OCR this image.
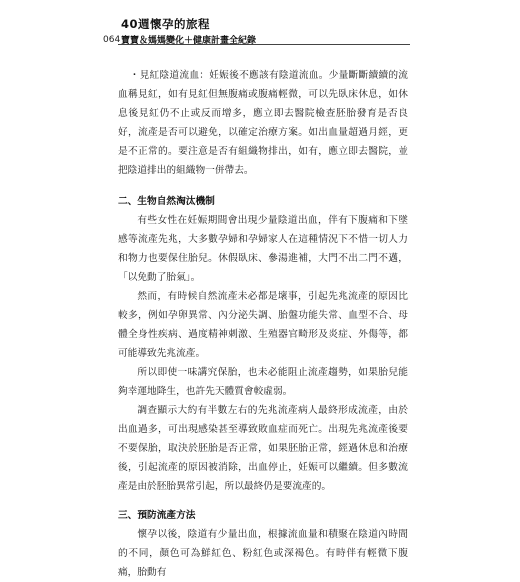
40週懷孕的旅程
064 寶寶＆媽媽變化＋健康計畫全紀錄

・見紅陰道流血：妊娠後不應該有陰道流血。少量斷斷續續的流血稱見紅，如有見紅但無腹痛或腹痛輕微，可以先臥床休息，如休息後見紅仍不止或反而增多，應立即去醫院檢查胚胎發育是否良好，流產是否可以避免，以確定治療方案。如出血量超過月經，更是不正常的。要注意是否有組織物排出，如有，應立即去醫院，並把陰道排出的組織物一併帶去。

二、生物自然淘汰機制

有些女性在妊娠期間會出現少量陰道出血，伴有下腹痛和下墜感等流產先兆，大多數孕婦和孕婦家人在這種情況下不惜一切人力和物力也要保住胎兒。休假臥床、參湯進補，大門不出二門不邁，「以免動了胎氣」。

然而，有時候自然流產未必都是壞事，引起先兆流產的原因比較多，例如孕卵異常、內分泌失調、胎盤功能失常、血型不合、母體全身性疾病、過度精神刺激、生殖器官畸形及炎症、外傷等，都可能導致先兆流產。

所以即使一味講究保胎，也未必能阻止流產趨勢，如果胎兒能夠幸運地降生，也許先天體質會較虛弱。

調查顯示大約有半數左右的先兆流產病人最終形成流產，由於出血過多，可出現感染甚至導致敗血症而死亡。出現先兆流產後要不要保胎，取決於胚胎是否正常，如果胚胎正常，經過休息和治療後，引起流產的原因被消除，出血停止，妊娠可以繼續。但多數流產是由於胚胎異常引起，所以最終仍是要流產的。

三、預防流產方法

懷孕以後，陰道有少量出血，根據流血量和積聚在陰道內時間的不同，顏色可為鮮紅色、粉紅色或深褐色。有時伴有輕微下腹痛，胎動有
